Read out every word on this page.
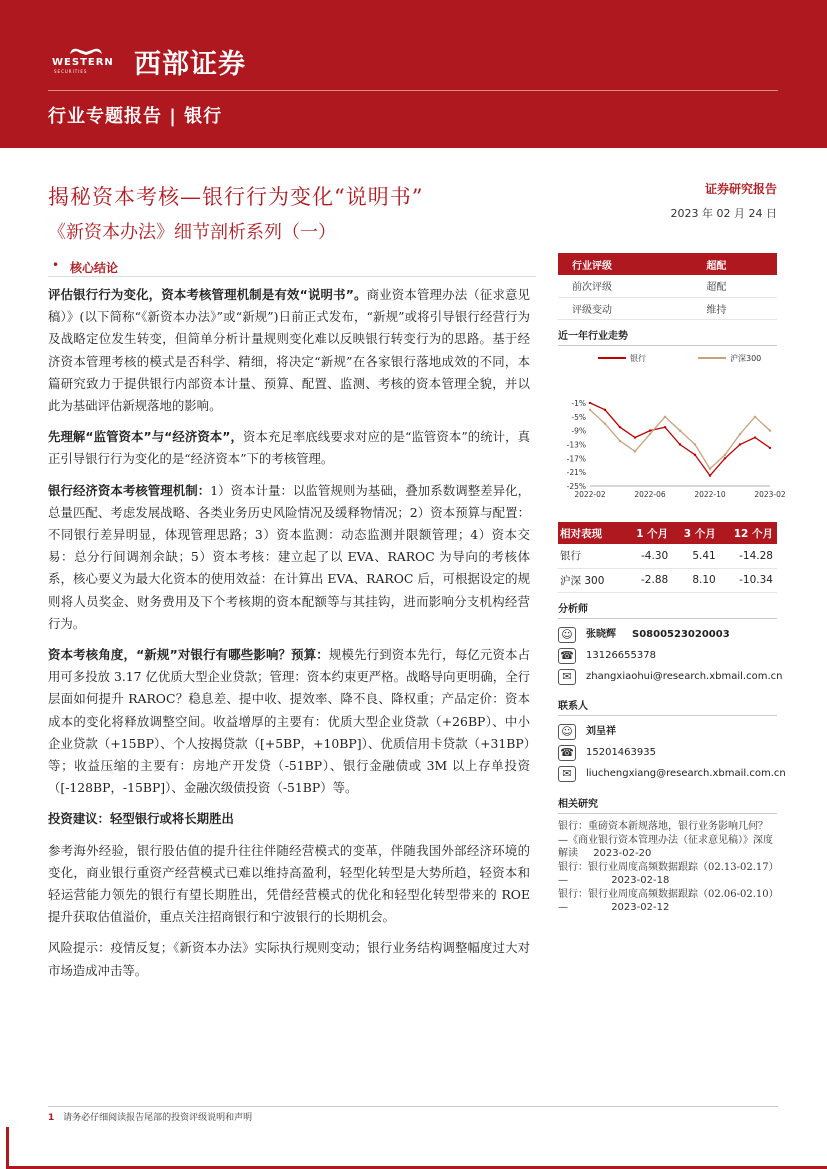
WESTERN
SECURITIES 西部证券
行业专题报告 | 银行
揭秘资本考核—银行行为变化“说明书”
《新资本办法》细节剖析系列（一）
证券研究报告
2023 年 02 月 24 日
• 核心结论

评估银行行为变化，资本考核管理机制是有效“说明书”。商业资本管理办法（征求意见稿）》(以下简称“《新资本办法》”或“新规”)日前正式发布，“新规”或将引导银行经营行为及战略定位发生转变，但简单分析计量规则变化难以反映银行转变行为的思路。基于经济资本管理考核的模式是否科学、精细，将决定“新规”在各家银行落地成效的不同，本篇研究致力于提供银行内部资本计量、预算、配置、监测、考核的资本管理全貌，并以此为基础评估新规落地的影响。

先理解“监管资本”与“经济资本”，资本充足率底线要求对应的是“监管资本”的统计，真正引导银行行为变化的是“经济资本”下的考核管理。

银行经济资本考核管理机制：1）资本计量：以监管规则为基础，叠加系数调整差异化，总量匹配、考虑发展战略、各类业务历史风险情况及缓释物情况；2）资本预算与配置：不同银行差异明显，体现管理思路；3）资本监测：动态监测并限额管理；4）资本交易：总分行间调剂余缺；5）资本考核：建立起了以 EVA、RAROC 为导向的考核体系，核心要义为最大化资本的使用效益：在计算出 EVA、RAROC 后，可根据设定的规则将人员奖金、财务费用及下个考核期的资本配额等与其挂钩，进而影响分支机构经营行为。

资本考核角度，“新规”对银行有哪些影响？预算：规模先行到资本先行，每亿元资本占用可多投放 3.17 亿优质大型企业贷款；管理：资本约束更严格。战略导向更明确，全行层面如何提升 RAROC？稳息差、提中收、提效率、降不良、降权重；产品定价：资本成本的变化将释放调整空间。收益增厚的主要有：优质大型企业贷款（+26BP）、中小企业贷款（+15BP）、个人按揭贷款（[+5BP，+10BP]）、优质信用卡贷款（+31BP）等；收益压缩的主要有：房地产开发贷（-51BP）、银行金融债或 3M 以上存单投资（[-128BP，-15BP]）、金融次级债投资（-51BP）等。

投资建议：轻型银行或将长期胜出

参考海外经验，银行股估值的提升往往伴随经营模式的变革，伴随我国外部经济环境的变化，商业银行重资产经营模式已难以维持高盈利，轻型化转型是大势所趋，轻资本和轻运营能力领先的银行有望长期胜出，凭借经营模式的优化和轻型化转型带来的 ROE 提升获取估值溢价，重点关注招商银行和宁波银行的长期机会。

风险提示：疫情反复；《新资本办法》实际执行规则变动；银行业务结构调整幅度过大对市场造成冲击等。

行业评级	超配
前次评级	超配
评级变动	维持
近一年行业走势
银行	沪深300
-1%
-5%
-9%
-13%
-17%
-21%
-25%
2022-02	2022-06	2022-10	2023-02
相对表现	1 个月	3 个月	12 个月
银行	-4.30	5.41	-14.28
沪深 300	-2.88	8.10	-10.34
分析师
☺	张晓辉 S0800523020003
☎ 13126655378
✉	zhangxiaohui@research.xbmail.com.cn
联系人
☺	刘呈祥
☎ 15201463935
✉	liuchengxiang@research.xbmail.com.cn
相关研究
银行：重磅资本新规落地，银行业务影响几何？—《商业银行资本管理办法（征求意见稿）》深度解读 2023-02-20
银行：银行业周度高频数据跟踪（02.13-02.17）—	2023-02-18
银行：银行业周度高频数据跟踪（02.06-02.10）—	2023-02-12
1 请务必仔细阅读报告尾部的投资评级说明和声明
